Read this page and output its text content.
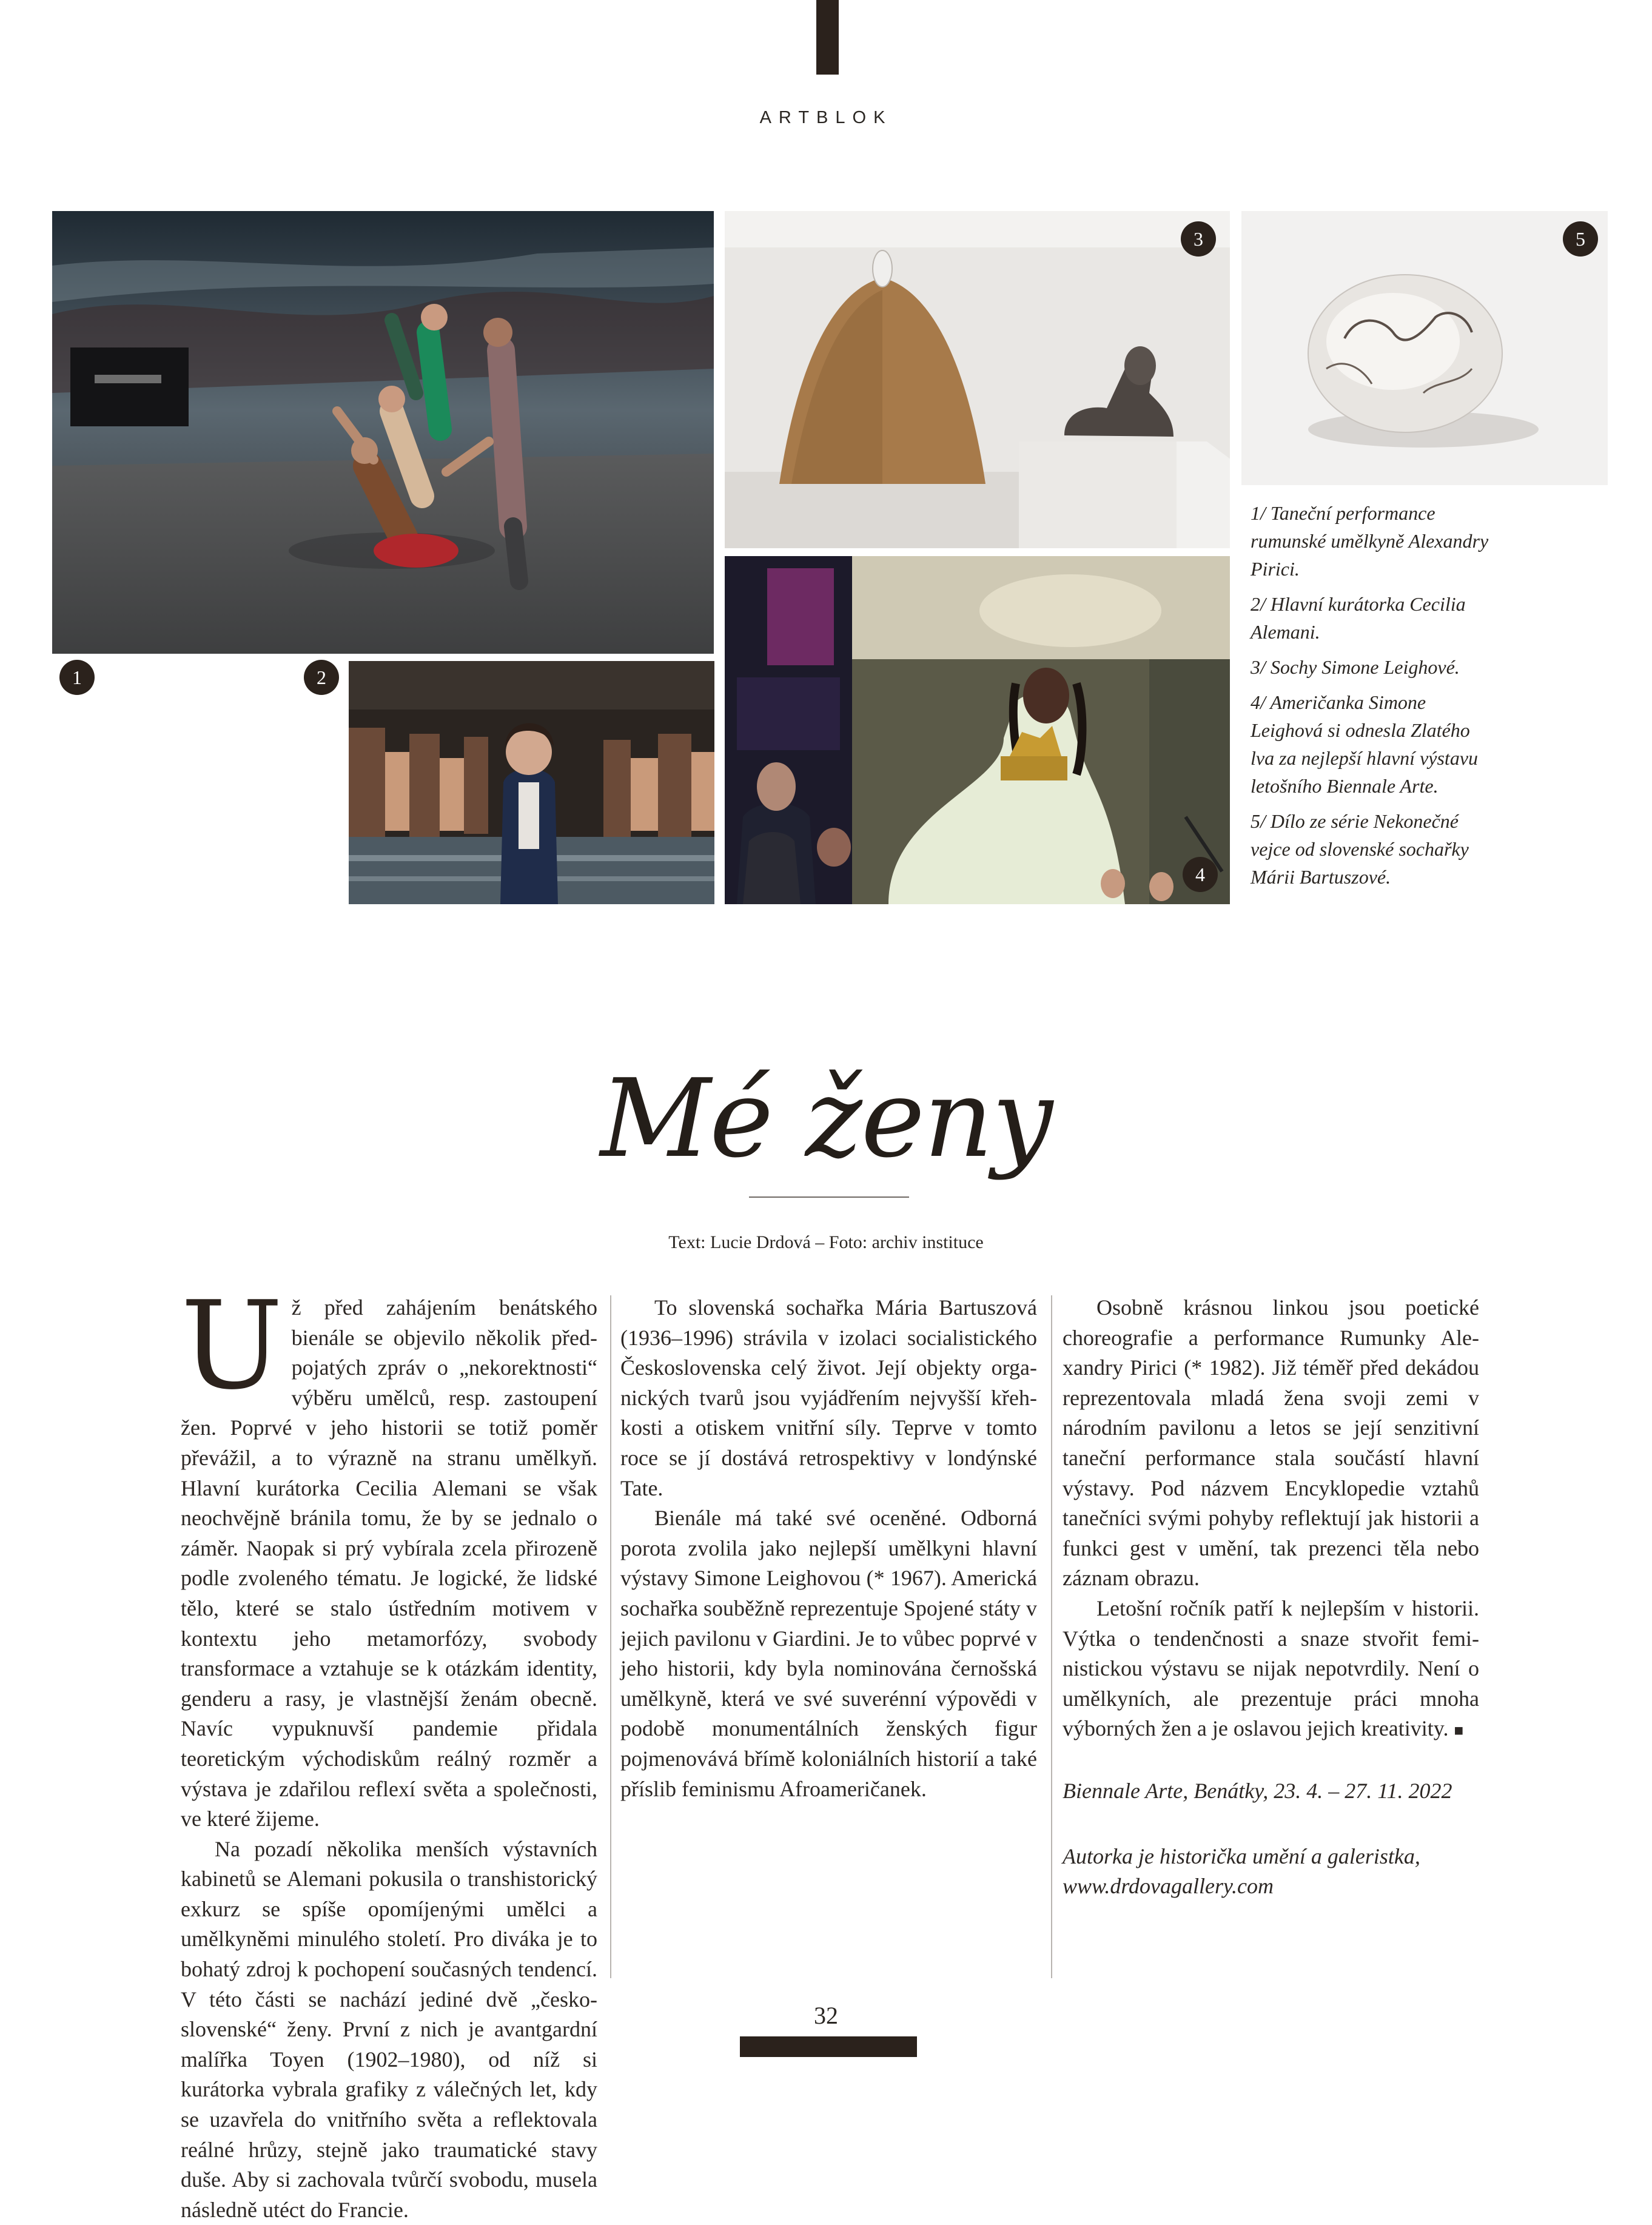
ARTBLOK
1	2
3	5
4

1/ Taneční performance rumunské umělkyně Alexandry Pirici.

2/ Hlavní kurátorka Cecilia Alemani.

3/ Sochy Simone Leighové.

4/ Američanka Simone Leighová si odnesla Zlatého lva za nejlepší hlavní výstavu letošního Biennale Arte.

5/ Dílo ze série Nekonečné vejce od slovenské sochařky Márii Bartuszové.

Mé ženy
Text: Lucie Drdová – Foto: archiv instituce

Už před zahájením benátského bienále se objevilo několik předpojatých zpráv o „nekorektnosti“ výběru umělců, resp. zastoupení žen. Poprvé v jeho historii se totiž poměr převážil, a to výrazně na stranu umělkyň. Hlavní kurátorka Cecilia Alemani se však neochvějně bránila tomu, že by se jednalo o záměr. Naopak si prý vybírala zcela přirozeně podle zvoleného tématu. Je logické, že lidské tělo, které se stalo ústředním motivem v kontextu jeho metamorfózy, svobody transformace a vztahuje se k otázkám identity, genderu a rasy, je vlastnější ženám obecně. Navíc vypuknuvší pandemie přidala teoretickým východiskům reálný rozměr a výstava je zdařilou reflexí světa a společnosti, ve které žijeme.

Na pozadí několika menších výstavních kabinetů se Alemani pokusila o transhistorický exkurz se spíše opomíjenými umělci a umělkyněmi minulého století. Pro diváka je to bohatý zdroj k pochopení současných tendencí. V této části se nachází jediné dvě „česko-slovenské“ ženy. První z nich je avantgardní malířka Toyen (1902–1980), od níž si kurátorka vybrala grafiky z válečných let, kdy se uzavřela do vnitřního světa a reflektovala reálné hrůzy, stejně jako traumatické stavy duše. Aby si zachovala tvůrčí svobodu, musela následně utéct do Francie.

To slovenská sochařka Mária Bartuszová (1936–1996) strávila v izolaci socialistického Československa celý život. Její objekty organických tvarů jsou vyjádřením nejvyšší křehkosti a otiskem vnitřní síly. Teprve v tomto roce se jí dostává retrospektivy v londýnské Tate.

Bienále má také své oceněné. Odborná porota zvolila jako nejlepší umělkyni hlavní výstavy Simone Leighovou (* 1967). Americká sochařka souběžně reprezentuje Spojené státy v jejich pavilonu v Giardini. Je to vůbec poprvé v jeho historii, kdy byla nominována černošská umělkyně, která ve své suverénní výpovědi v podobě monumentálních ženských figur pojmenovává břímě koloniálních historií a také příslib feminismu Afroameričanek.

Osobně krásnou linkou jsou poetické choreografie a performance Rumunky Alexandry Pirici (* 1982). Již téměř před dekádou reprezentovala mladá žena svoji zemi v národním pavilonu a letos se její senzitivní taneční performance stala součástí hlavní výstavy. Pod názvem Encyklopedie vztahů tanečníci svými pohyby reflektují jak historii a funkci gest v umění, tak prezenci těla nebo záznam obrazu.

Letošní ročník patří k nejlepším v historii. Výtka o tendenčnosti a snaze stvořit feministickou výstavu se nijak nepotvrdily. Není o umělkyních, ale prezentuje práci mnoha výborných žen a je oslavou jejich kreativity. ■

Biennale Arte, Benátky, 23. 4. – 27. 11. 2022

Autorka je historička umění a galeristka, www.drdovagallery.com

32
